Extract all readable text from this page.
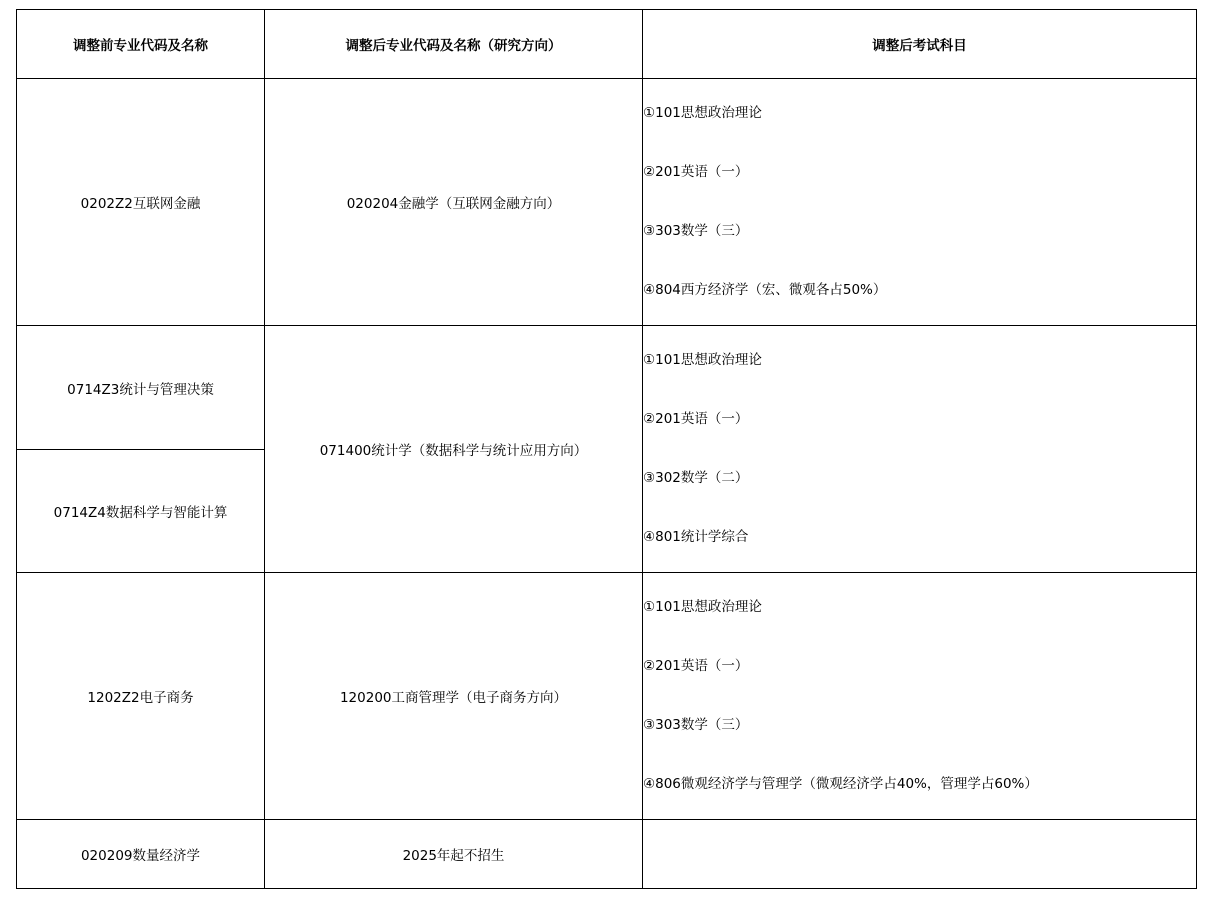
调整前专业代码及名称	调整后专业代码及名称（研究方向）	调整后考试科目
0202Z2互联网金融	020204金融学（互联网金融方向）	①101思想政治理论
②201英语（一）
③303数学（三）
④804西方经济学（宏、微观各占50%）

0714Z3统计与管理决策	071400统计学（数据科学与统计应用方向）	①101思想政治理论
②201英语（一）
③302数学（二）
④801统计学综合

0714Z4数据科学与智能计算		
1202Z2电子商务	120200工商管理学（电子商务方向）	①101思想政治理论
②201英语（一）
③303数学（三）
④806微观经济学与管理学（微观经济学占40%，管理学占60%）

020209数量经济学	2025年起不招生	
